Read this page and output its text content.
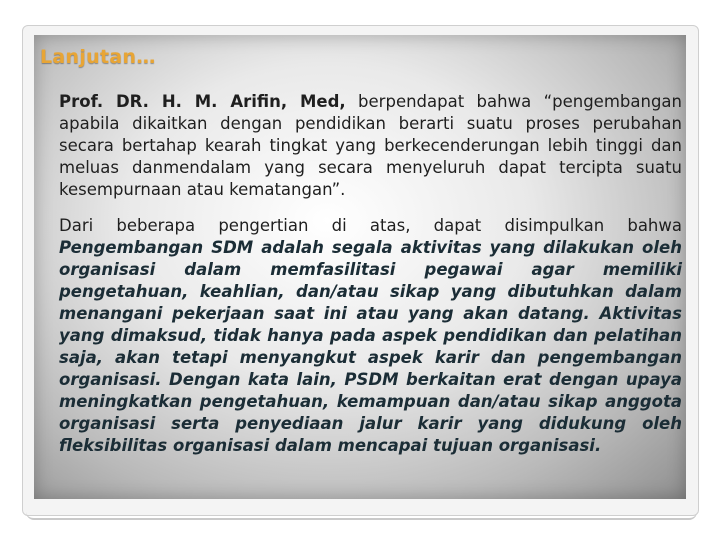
Lanjutan…

Prof. DR. H. M. Arifin, Med, berpendapat bahwa “pengembangan apabila dikaitkan dengan pendidikan berarti suatu proses perubahan secara bertahap kearah tingkat yang berkecenderungan lebih tinggi dan meluas danmendalam yang secara menyeluruh dapat tercipta suatu kesempurnaan atau kematangan”.

Dari beberapa pengertian di atas, dapat disimpulkan bahwa Pengembangan SDM adalah segala aktivitas yang dilakukan oleh organisasi dalam memfasilitasi pegawai agar memiliki pengetahuan, keahlian, dan/atau sikap yang dibutuhkan dalam menangani pekerjaan saat ini atau yang akan datang. Aktivitas yang dimaksud, tidak hanya pada aspek pendidikan dan pelatihan saja, akan tetapi menyangkut aspek karir dan pengembangan organisasi. Dengan kata lain, PSDM berkaitan erat dengan upaya meningkatkan pengetahuan, kemampuan dan/atau sikap anggota organisasi serta penyediaan jalur karir yang didukung oleh fleksibilitas organisasi dalam mencapai tujuan organisasi.
